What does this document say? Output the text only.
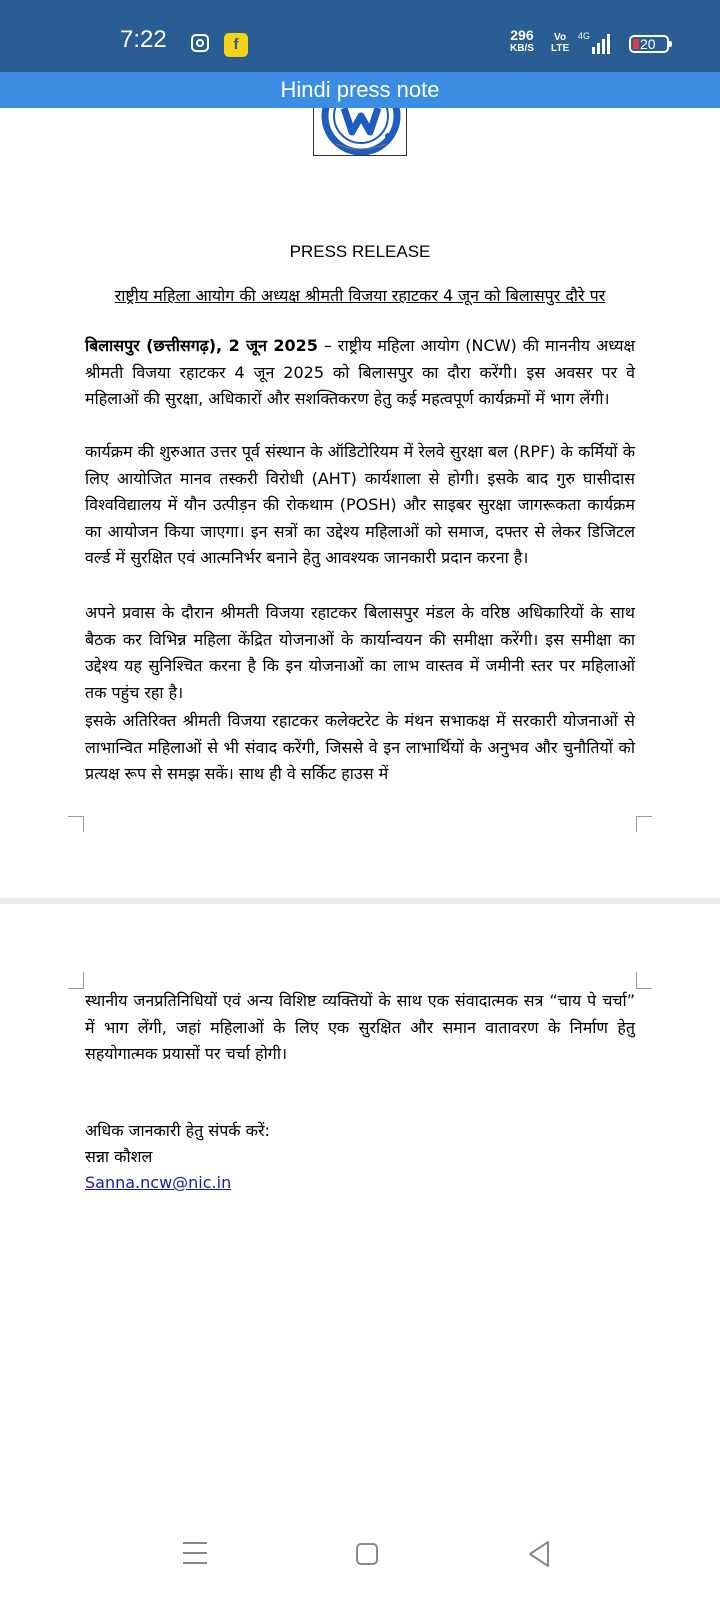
7:22	f
296
KB/S
Vo
LTE
4G	20
Hindi press note
PRESS RELEASE
राष्ट्रीय महिला आयोग की अध्यक्ष श्रीमती विजया रहाटकर 4 जून को बिलासपुर दौरे पर
बिलासपुर (छत्तीसगढ़), 2 जून 2025 – राष्ट्रीय महिला आयोग (NCW) की माननीय अध्यक्ष श्रीमती विजया रहाटकर 4 जून 2025 को बिलासपुर का दौरा करेंगी। इस अवसर पर वे महिलाओं की सुरक्षा, अधिकारों और सशक्तिकरण हेतु कई महत्वपूर्ण कार्यक्रमों में भाग लेंगी।
कार्यक्रम की शुरुआत उत्तर पूर्व संस्थान के ऑडिटोरियम में रेलवे सुरक्षा बल (RPF) के कर्मियों के लिए आयोजित मानव तस्करी विरोधी (AHT) कार्यशाला से होगी। इसके बाद गुरु घासीदास विश्वविद्यालय में यौन उत्पीड़न की रोकथाम (POSH) और साइबर सुरक्षा जागरूकता कार्यक्रम का आयोजन किया जाएगा। इन सत्रों का उद्देश्य महिलाओं को समाज, दफ्तर से लेकर डिजिटल वर्ल्ड में सुरक्षित एवं आत्मनिर्भर बनाने हेतु आवश्यक जानकारी प्रदान करना है।
अपने प्रवास के दौरान श्रीमती विजया रहाटकर बिलासपुर मंडल के वरिष्ठ अधिकारियों के साथ बैठक कर विभिन्न महिला केंद्रित योजनाओं के कार्यान्वयन की समीक्षा करेंगी। इस समीक्षा का उद्देश्य यह सुनिश्चित करना है कि इन योजनाओं का लाभ वास्तव में जमीनी स्तर पर महिलाओं तक पहुंच रहा है।
इसके अतिरिक्त श्रीमती विजया रहाटकर कलेक्टरेट के मंथन सभाकक्ष में सरकारी योजनाओं से लाभान्वित महिलाओं से भी संवाद करेंगी, जिससे वे इन लाभार्थियों के अनुभव और चुनौतियों को प्रत्यक्ष रूप से समझ सकें। साथ ही वे सर्किट हाउस में
स्थानीय जनप्रतिनिधियों एवं अन्य विशिष्ट व्यक्तियों के साथ एक संवादात्मक सत्र “चाय पे चर्चा” में भाग लेंगी, जहां महिलाओं के लिए एक सुरक्षित और समान वातावरण के निर्माण हेतु सहयोगात्मक प्रयासों पर चर्चा होगी।
अधिक जानकारी हेतु संपर्क करें:
सन्ना कौशल
Sanna.ncw@nic.in
